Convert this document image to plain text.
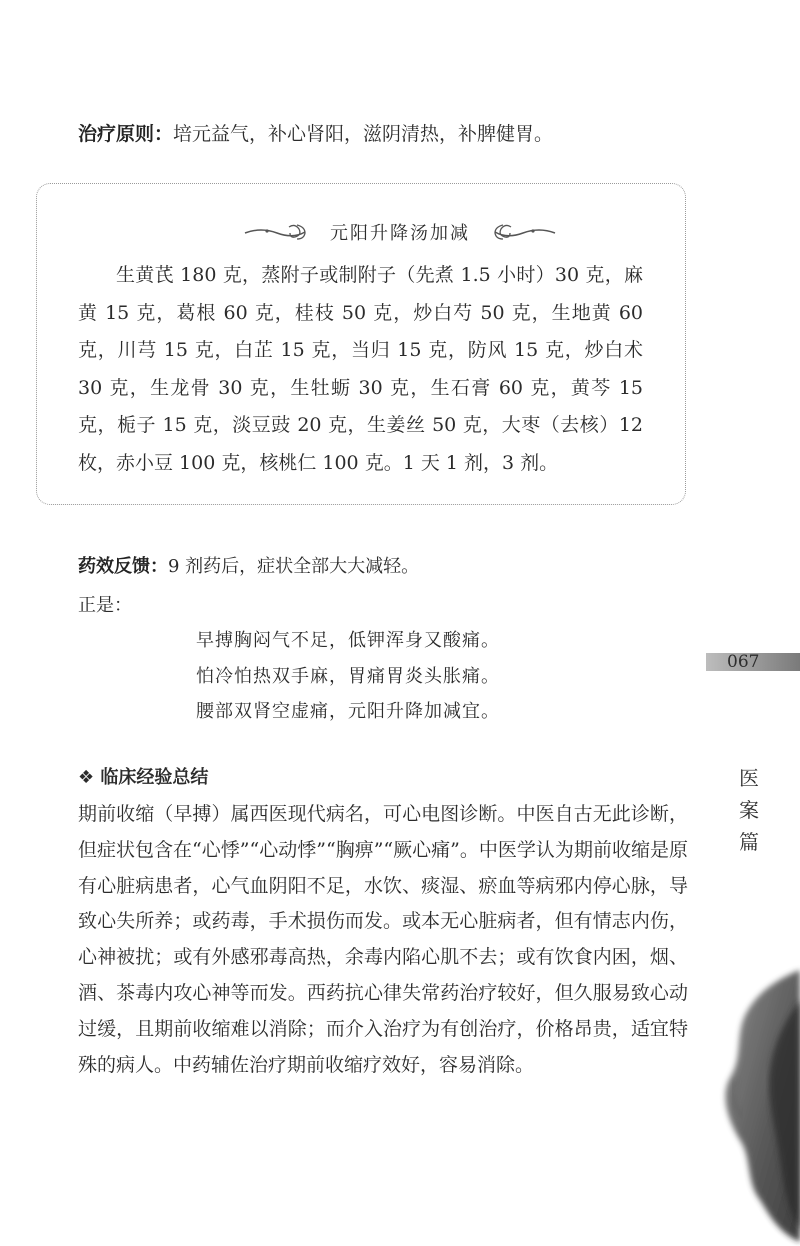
治疗原则：培元益气，补心肾阳，滋阴清热，补脾健胃。
元阳升降汤加减

生黄芪 180 克，蒸附子或制附子（先煮 1.5 小时）30 克，麻黄 15 克，葛根 60 克，桂枝 50 克，炒白芍 50 克，生地黄 60 克，川芎 15 克，白芷 15 克，当归 15 克，防风 15 克，炒白术 30 克，生龙骨 30 克，生牡蛎 30 克，生石膏 60 克，黄芩 15 克，栀子 15 克，淡豆豉 20 克，生姜丝 50 克，大枣（去核）12 枚，赤小豆 100 克，核桃仁 100 克。1 天 1 剂，3 剂。

药效反馈：9 剂药后，症状全部大大减轻。
正是：
早搏胸闷气不足，低钾浑身又酸痛。
怕冷怕热双手麻，胃痛胃炎头胀痛。
腰部双肾空虚痛，元阳升降加减宜。
❖ 临床经验总结

期前收缩（早搏）属西医现代病名，可心电图诊断。中医自古无此诊断，但症状包含在“心悸”“心动悸”“胸痹”“厥心痛”。中医学认为期前收缩是原有心脏病患者，心气血阴阳不足，水饮、痰湿、瘀血等病邪内停心脉，导致心失所养；或药毒，手术损伤而发。或本无心脏病者，但有情志内伤，心神被扰；或有外感邪毒高热，余毒内陷心肌不去；或有饮食内困，烟、酒、茶毒内攻心神等而发。西药抗心律失常药治疗较好，但久服易致心动过缓，且期前收缩难以消除；而介入治疗为有创治疗，价格昂贵，适宜特殊的病人。中药辅佐治疗期前收缩疗效好，容易消除。

067
医
案
篇
